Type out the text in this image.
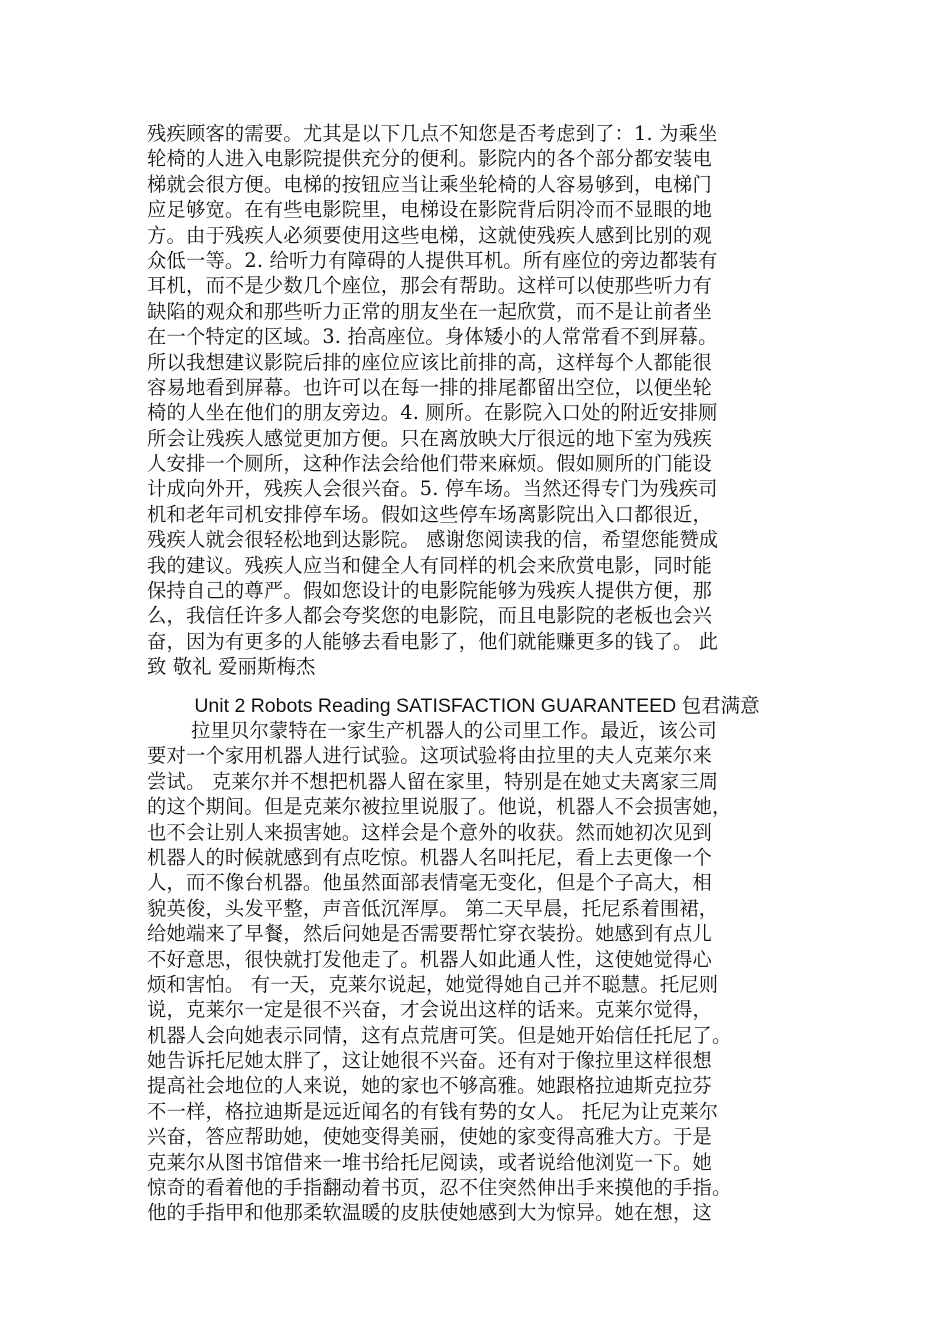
残疾顾客的需要。尤其是以下几点不知您是否考虑到了：1. 为乘坐
轮椅的人进入电影院提供充分的便利。影院内的各个部分都安装电
梯就会很方便。电梯的按钮应当让乘坐轮椅的人容易够到，电梯门
应足够宽。在有些电影院里，电梯设在影院背后阴冷而不显眼的地
方。由于残疾人必须要使用这些电梯，这就使残疾人感到比别的观
众低一等。2. 给听力有障碍的人提供耳机。所有座位的旁边都装有
耳机，而不是少数几个座位，那会有帮助。这样可以使那些听力有
缺陷的观众和那些听力正常的朋友坐在一起欣赏，而不是让前者坐
在一个特定的区域。3. 抬高座位。身体矮小的人常常看不到屏幕。
所以我想建议影院后排的座位应该比前排的高，这样每个人都能很
容易地看到屏幕。也许可以在每一排的排尾都留出空位，以便坐轮
椅的人坐在他们的朋友旁边。4. 厕所。在影院入口处的附近安排厕
所会让残疾人感觉更加方便。只在离放映大厅很远的地下室为残疾
人安排一个厕所，这种作法会给他们带来麻烦。假如厕所的门能设
计成向外开，残疾人会很兴奋。5. 停车场。当然还得专门为残疾司
机和老年司机安排停车场。假如这些停车场离影院出入口都很近，
残疾人就会很轻松地到达影院。 感谢您阅读我的信，希望您能赞成
我的建议。残疾人应当和健全人有同样的机会来欣赏电影，同时能
保持自己的尊严。假如您设计的电影院能够为残疾人提供方便，那
么，我信任许多人都会夸奖您的电影院，而且电影院的老板也会兴
奋，因为有更多的人能够去看电影了，他们就能赚更多的钱了。 此
致 敬礼 爱丽斯梅杰
Unit 2 Robots Reading SATISFACTION GUARANTEED 包君满意
拉里贝尔蒙特在一家生产机器人的公司里工作。最近，该公司
要对一个家用机器人进行试验。这项试验将由拉里的夫人克莱尔来
尝试。 克莱尔并不想把机器人留在家里，特别是在她丈夫离家三周
的这个期间。但是克莱尔被拉里说服了。他说，机器人不会损害她，
也不会让别人来损害她。这样会是个意外的收获。然而她初次见到
机器人的时候就感到有点吃惊。机器人名叫托尼，看上去更像一个
人，而不像台机器。他虽然面部表情毫无变化，但是个子高大，相
貌英俊，头发平整，声音低沉浑厚。 第二天早晨，托尼系着围裙，
给她端来了早餐，然后问她是否需要帮忙穿衣装扮。她感到有点儿
不好意思，很快就打发他走了。机器人如此通人性，这使她觉得心
烦和害怕。 有一天，克莱尔说起，她觉得她自己并不聪慧。托尼则
说，克莱尔一定是很不兴奋，才会说出这样的话来。克莱尔觉得，
机器人会向她表示同情，这有点荒唐可笑。但是她开始信任托尼了。
她告诉托尼她太胖了，这让她很不兴奋。还有对于像拉里这样很想
提高社会地位的人来说，她的家也不够高雅。她跟格拉迪斯克拉芬
不一样，格拉迪斯是远近闻名的有钱有势的女人。 托尼为让克莱尔
兴奋，答应帮助她，使她变得美丽，使她的家变得高雅大方。于是
克莱尔从图书馆借来一堆书给托尼阅读，或者说给他浏览一下。她
惊奇的看着他的手指翻动着书页，忍不住突然伸出手来摸他的手指。
他的手指甲和他那柔软温暖的皮肤使她感到大为惊异。她在想，这
